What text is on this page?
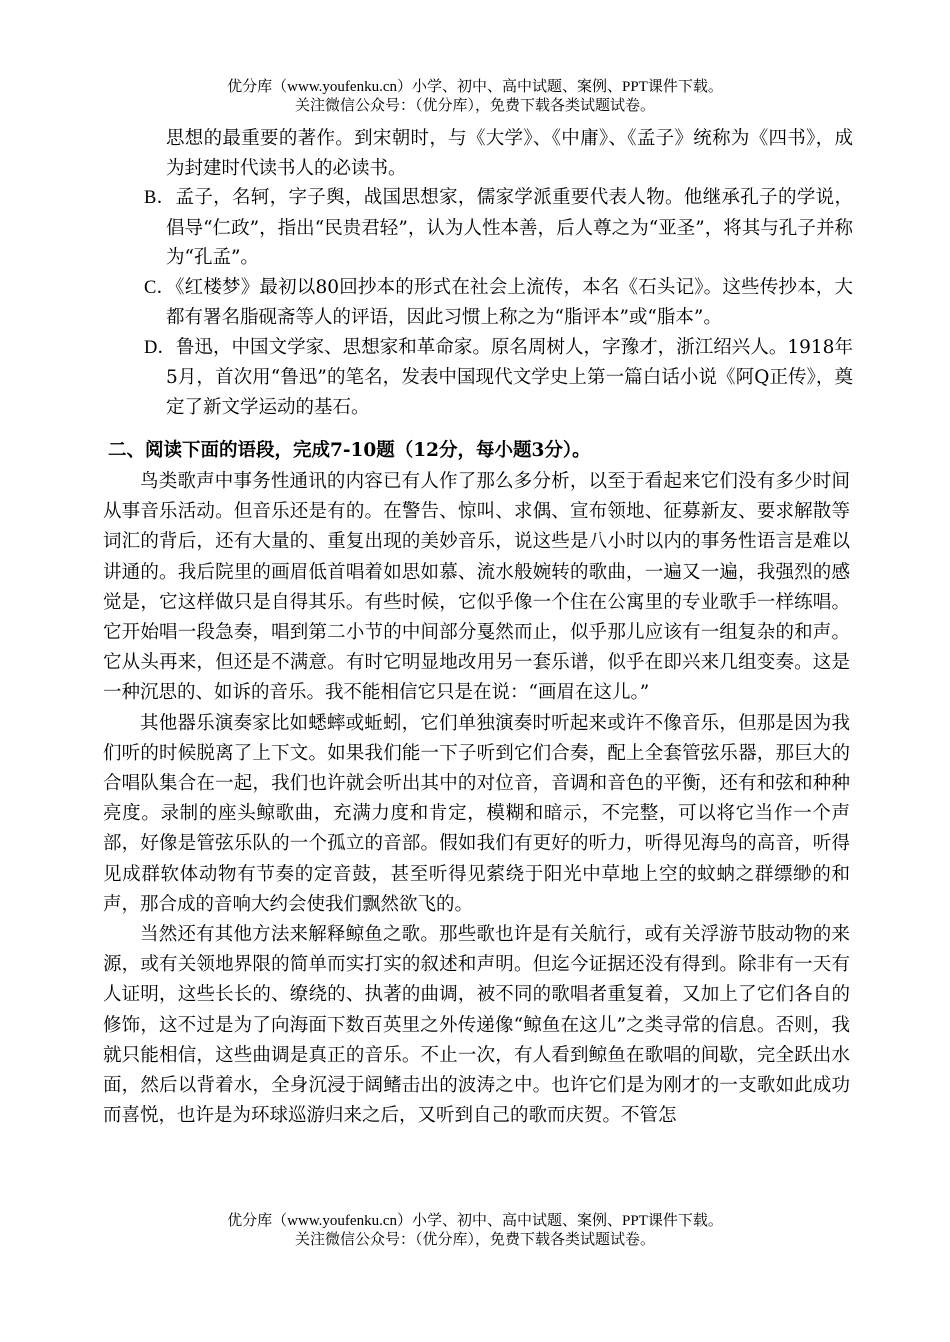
优分库（www.youfenku.cn）小学、初中、高中试题、案例、PPT课件下载。
关注微信公众号：（优分库），免费下载各类试题试卷。
思想的最重要的著作。到宋朝时，与《大学》、《中庸》、《孟子》统称为《四书》，成为封建时代读书人的必读书。
B．孟子，名轲，字子舆，战国思想家，儒家学派重要代表人物。他继承孔子的学说，倡导“仁政”，指出“民贵君轻”，认为人性本善，后人尊之为“亚圣”，将其与孔子并称为“孔孟”。
C．《红楼梦》最初以80回抄本的形式在社会上流传，本名《石头记》。这些传抄本，大都有署名脂砚斋等人的评语，因此习惯上称之为“脂评本”或“脂本”。
D．鲁迅，中国文学家、思想家和革命家。原名周树人，字豫才，浙江绍兴人。1918年5月，首次用“鲁迅”的笔名，发表中国现代文学史上第一篇白话小说《阿Q正传》，奠定了新文学运动的基石。
二、阅读下面的语段，完成7-10题（12分，每小题3分）。

鸟类歌声中事务性通讯的内容已有人作了那么多分析，以至于看起来它们没有多少时间从事音乐活动。但音乐还是有的。在警告、惊叫、求偶、宣布领地、征募新友、要求解散等词汇的背后，还有大量的、重复出现的美妙音乐，说这些是八小时以内的事务性语言是难以讲通的。我后院里的画眉低首唱着如思如慕、流水般婉转的歌曲，一遍又一遍，我强烈的感觉是，它这样做只是自得其乐。有些时候，它似乎像一个住在公寓里的专业歌手一样练唱。它开始唱一段急奏，唱到第二小节的中间部分戛然而止，似乎那儿应该有一组复杂的和声。它从头再来，但还是不满意。有时它明显地改用另一套乐谱，似乎在即兴来几组变奏。这是一种沉思的、如诉的音乐。我不能相信它只是在说：“画眉在这儿。”

其他器乐演奏家比如蟋蟀或蚯蚓，它们单独演奏时听起来或许不像音乐，但那是因为我们听的时候脱离了上下文。如果我们能一下子听到它们合奏，配上全套管弦乐器，那巨大的合唱队集合在一起，我们也许就会听出其中的对位音，音调和音色的平衡，还有和弦和种种亮度。录制的座头鲸歌曲，充满力度和肯定，模糊和暗示，不完整，可以将它当作一个声部，好像是管弦乐队的一个孤立的音部。假如我们有更好的听力，听得见海鸟的高音，听得见成群软体动物有节奏的定音鼓，甚至听得见萦绕于阳光中草地上空的蚊蚋之群缥缈的和声，那合成的音响大约会使我们飘然欲飞的。

当然还有其他方法来解释鲸鱼之歌。那些歌也许是有关航行，或有关浮游节肢动物的来源，或有关领地界限的简单而实打实的叙述和声明。但迄今证据还没有得到。除非有一天有人证明，这些长长的、缭绕的、执著的曲调，被不同的歌唱者重复着，又加上了它们各自的修饰，这不过是为了向海面下数百英里之外传递像“鲸鱼在这儿”之类寻常的信息。否则，我就只能相信，这些曲调是真正的音乐。不止一次，有人看到鲸鱼在歌唱的间歇，完全跃出水面，然后以背着水，全身沉浸于阔鳍击出的波涛之中。也许它们是为刚才的一支歌如此成功而喜悦，也许是为环球巡游归来之后，又听到自己的歌而庆贺。不管怎

优分库（www.youfenku.cn）小学、初中、高中试题、案例、PPT课件下载。
关注微信公众号：（优分库），免费下载各类试题试卷。
